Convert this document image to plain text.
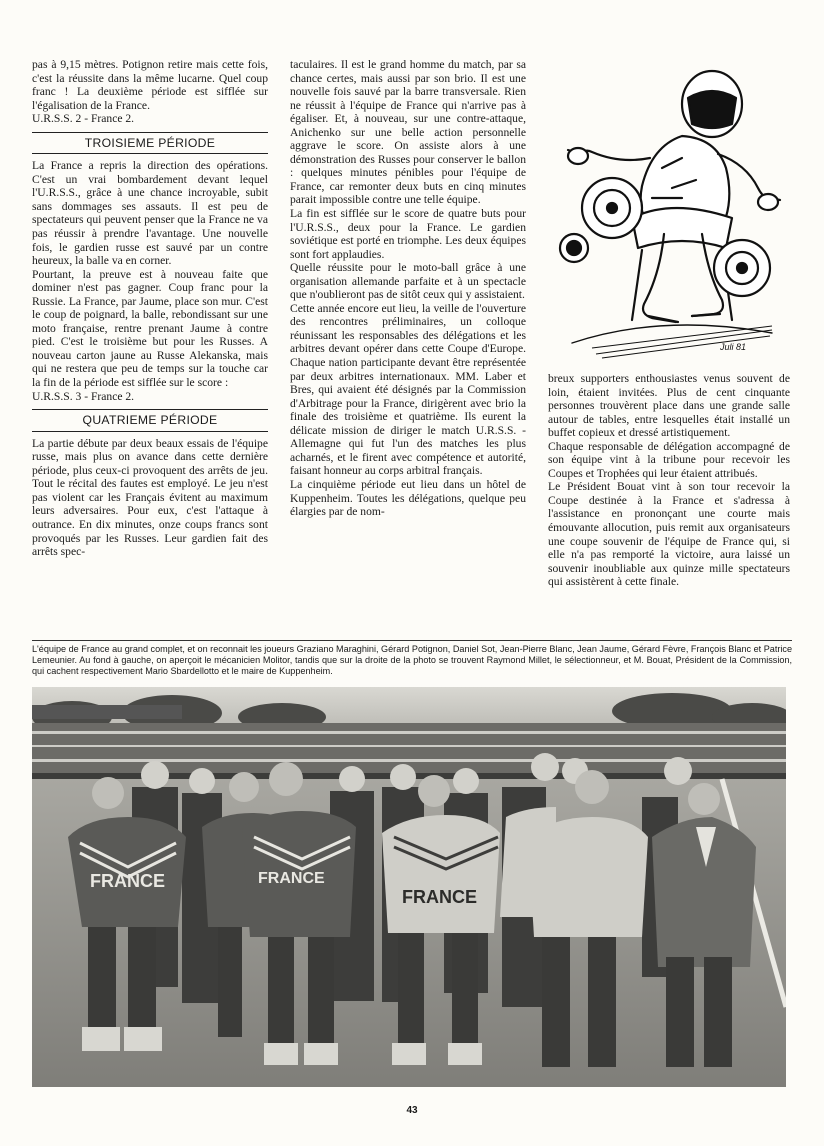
pas à 9,15 mètres. Potignon retire mais cette fois, c'est la réussite dans la même lucarne. Quel coup franc ! La deuxième période est sifflée sur l'égalisation de la France.

U.R.S.S. 2 - France 2.

TROISIEME PÉRIODE

La France a repris la direction des opérations. C'est un vrai bombardement devant lequel l'U.R.S.S., grâce à une chance incroyable, subit sans dommages ses assauts. Il est peu de spectateurs qui peuvent penser que la France ne va pas réussir à prendre l'avantage. Une nouvelle fois, le gardien russe est sauvé par un contre heureux, la balle va en corner.

Pourtant, la preuve est à nouveau faite que dominer n'est pas gagner. Coup franc pour la Russie. La France, par Jaume, place son mur. C'est le coup de poignard, la balle, rebondissant sur une moto française, rentre prenant Jaume à contre pied. C'est le troisième but pour les Russes. A nouveau carton jaune au Russe Alekanska, mais qui ne restera que peu de temps sur la touche car la fin de la période est sifflée sur le score :

U.R.S.S. 3 - France 2.

QUATRIEME PÉRIODE

La partie débute par deux beaux essais de l'équipe russe, mais plus on avance dans cette dernière période, plus ceux-ci provoquent des arrêts de jeu. Tout le récital des fautes est employé. Le jeu n'est pas violent car les Français évitent au maximum leurs adversaires. Pour eux, c'est l'attaque à outrance. En dix minutes, onze coups francs sont provoqués par les Russes. Leur gardien fait des arrêts spec-

taculaires. Il est le grand homme du match, par sa chance certes, mais aussi par son brio. Il est une nouvelle fois sauvé par la barre transversale. Rien ne réussit à l'équipe de France qui n'arrive pas à égaliser. Et, à nouveau, sur une contre-attaque, Anichenko sur une belle action personnelle aggrave le score. On assiste alors à une démonstration des Russes pour conserver le ballon : quelques minutes pénibles pour l'équipe de France, car remonter deux buts en cinq minutes parait impossible contre une telle équipe.

La fin est sifflée sur le score de quatre buts pour l'U.R.S.S., deux pour la France. Le gardien soviétique est porté en triomphe. Les deux équipes sont fort applaudies.

Quelle réussite pour le moto-ball grâce à une organisation allemande parfaite et à un spectacle que n'oublieront pas de sitôt ceux qui y assistaient.

Cette année encore eut lieu, la veille de l'ouverture des rencontres préliminaires, un colloque réunissant les responsables des délégations et les arbitres devant opérer dans cette Coupe d'Europe. Chaque nation participante devant être représentée par deux arbitres internationaux. MM. Laber et Bres, qui avaient été désignés par la Commission d'Arbitrage pour la France, dirigèrent avec brio la finale des troisième et quatrième. Ils eurent la délicate mission de diriger le match U.R.S.S. - Allemagne qui fut l'un des matches les plus acharnés, et le firent avec compétence et autorité, faisant honneur au corps arbitral français.

La cinquième période eut lieu dans un hôtel de Kuppenheim. Toutes les délégations, quelque peu élargies par de nom-

Juli 81

breux supporters enthousiastes venus souvent de loin, étaient invitées. Plus de cent cinquante personnes trouvèrent place dans une grande salle autour de tables, entre lesquelles était installé un buffet copieux et dressé artistiquement.

Chaque responsable de délégation accompagné de son équipe vint à la tribune pour recevoir les Coupes et Trophées qui leur étaient attribués.

Le Président Bouat vint à son tour recevoir la Coupe destinée à la France et s'adressa à l'assistance en prononçant une courte mais émouvante allocution, puis remit aux organisateurs une coupe souvenir de l'équipe de France qui, si elle n'a pas remporté la victoire, aura laissé un souvenir inoubliable aux quinze mille spectateurs qui assistèrent à cette finale.

L'équipe de France au grand complet, et on reconnait les joueurs Graziano Maraghini, Gérard Potignon, Daniel Sot, Jean-Pierre Blanc, Jean Jaume, Gérard Fèvre, François Blanc et Patrice Lemeunier. Au fond à gauche, on aperçoit le mécanicien Molitor, tandis que sur la droite de la photo se trouvent Raymond Millet, le sélectionneur, et M. Bouat, Président de la Commission, qui cachent respectivement Mario Sbardellotto et le maire de Kuppenheim.
FRANCE	FRANCE
FRANCE
43
